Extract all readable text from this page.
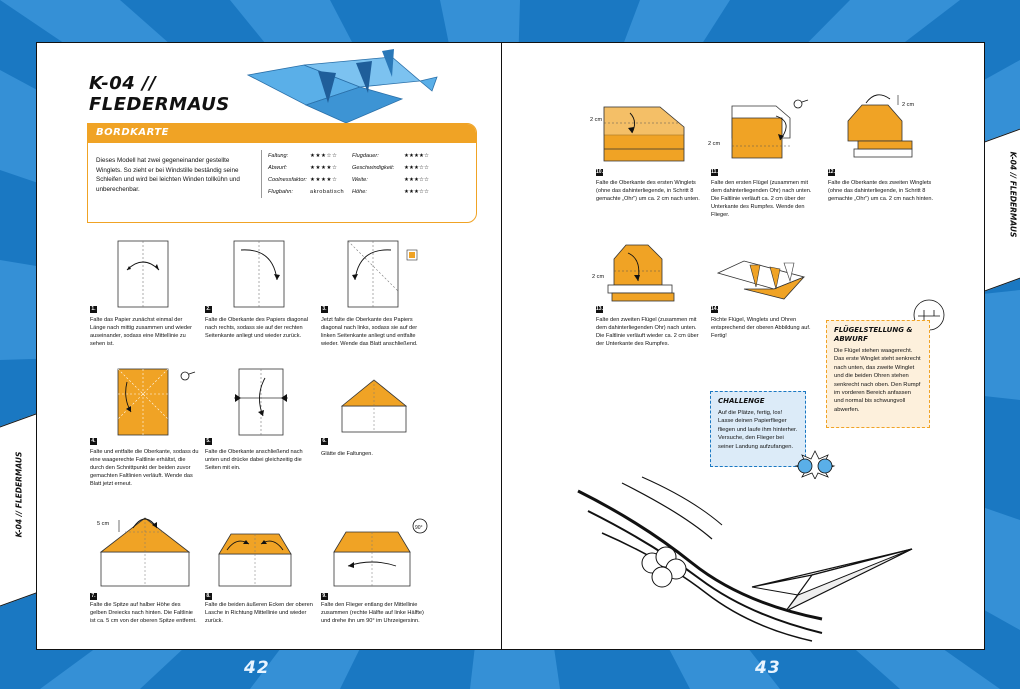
K-04 // FLEDERMAUS
K-04 // FLEDERMAUS
K-04 //
FLEDERMAUS
BORDKARTE
Dieses Modell hat zwei gegeneinander gestellte Winglets. So zieht er bei Windstille beständig seine Schleifen und wird bei leichten Winden tollkühn und unberechenbar.
Faltung:	★★★☆☆	Flugdauer:	★★★★☆
Abwurf:	★★★★☆	Geschwindigkeit:	★★★☆☆
Coolnessfaktor: ★★★★☆	Weite:	★★★☆☆
Flugbahn:	akrobatisch	Höhe:	★★★☆☆
1.
Falte das Papier zunächst einmal der Länge nach mittig zusammen und wieder auseinander, sodass eine Mittellinie zu sehen ist.
2.
Falte die Oberkante des Papiers diagonal nach rechts, sodass sie auf der rechten Seitenkante anliegt und wieder zurück.
3.
Jetzt falte die Oberkante des Papiers diagonal nach links, sodass sie auf der linken Seitenkante anliegt und entfalte wieder. Wende das Blatt anschließend.
4.
Falte und entfalte die Oberkante, sodass du eine waagerechte Faltlinie erhältst, die durch den Schnittpunkt der beiden zuvor gemachten Faltlinien verläuft. Wende das Blatt jetzt erneut.
5.
Falte die Oberkante anschließend nach unten und drücke dabei gleichzeitig die Seiten mit ein.
6.
Glätte die Faltungen.
5 cm
7.
Falte die Spitze auf halber Höhe des gelben Dreiecks nach hinten. Die Faltlinie ist ca. 5 cm von der oberen Spitze entfernt.
8.
Falte die beiden äußeren Ecken der oberen Lasche in Richtung Mittellinie und wieder zurück.
90°
9.
Falte den Flieger entlang der Mittellinie zusammen (rechte Hälfte auf linke Hälfte) und drehe ihn um 90° im Uhrzeigersinn.
42
2 cm
10.
Falte die Oberkante des ersten Winglets (ohne das dahinterliegende, in Schritt 8 gemachte „Ohr“) um ca. 2 cm nach unten.
2 cm
11.
Falte den ersten Flügel (zusammen mit dem dahinterliegenden Ohr) nach unten. Die Faltlinie verläuft ca. 2 cm über der Unterkante des Rumpfes. Wende den Flieger.
2 cm
12.
Falte die Oberkante des zweiten Winglets (ohne das dahinterliegende, in Schritt 8 gemachte „Ohr“) um ca. 2 cm nach hinten.
2 cm
13.
Falte den zweiten Flügel (zusammen mit dem dahinterliegenden Ohr) nach unten. Die Faltlinie verläuft wieder ca. 2 cm über der Unterkante des Rumpfes.
14.
Richte Flügel, Winglets und Ohren entsprechend der oberen Abbildung auf. Fertig!
FLÜGELSTELLUNG & ABWURF

Die Flügel stehen waagerecht. Das erste Winglet steht senkrecht nach unten, das zweite Winglet und die beiden Ohren stehen senkrecht nach oben. Den Rumpf im vorderen Bereich anfassen und normal bis schwungvoll abwerfen.

CHALLENGE

Auf die Plätze, fertig, los! Lasse deinen Papierflieger fliegen und laufe ihm hinterher. Versuche, den Flieger bei seiner Landung aufzufangen.

43
